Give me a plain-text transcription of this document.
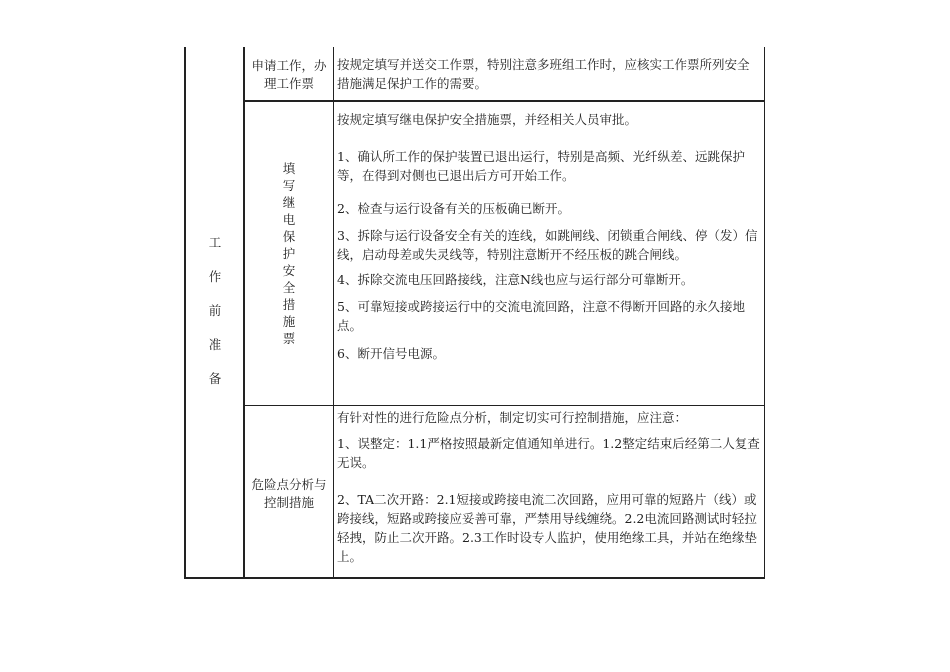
工
作
前
准
备
申请工作，办理工作票

按规定填写并送交工作票，特别注意多班组工作时，应核实工作票所列安全措施满足保护工作的需要。

填
写
继
电
保
护
安
全
措
施
票

按规定填写继电保护安全措施票，并经相关人员审批。

1、确认所工作的保护装置已退出运行，特别是高频、光纤纵差、远跳保护等，在得到对侧也已退出后方可开始工作。

2、检查与运行设备有关的压板确已断开。

3、拆除与运行设备安全有关的连线，如跳闸线、闭锁重合闸线、停（发）信线，启动母差或失灵线等，特别注意断开不经压板的跳合闸线。

4、拆除交流电压回路接线，注意N线也应与运行部分可靠断开。

5、可靠短接或跨接运行中的交流电流回路，注意不得断开回路的永久接地点。

6、断开信号电源。

危险点分析与控制措施

有针对性的进行危险点分析，制定切实可行控制措施，应注意：

1、误整定：1.1严格按照最新定值通知单进行。1.2整定结束后经第二人复查无误。

2、TA二次开路：2.1短接或跨接电流二次回路，应用可靠的短路片（线）或跨接线，短路或跨接应妥善可靠，严禁用导线缠绕。2.2电流回路测试时轻拉轻拽，防止二次开路。2.3工作时设专人监护，使用绝缘工具，并站在绝缘垫上。
